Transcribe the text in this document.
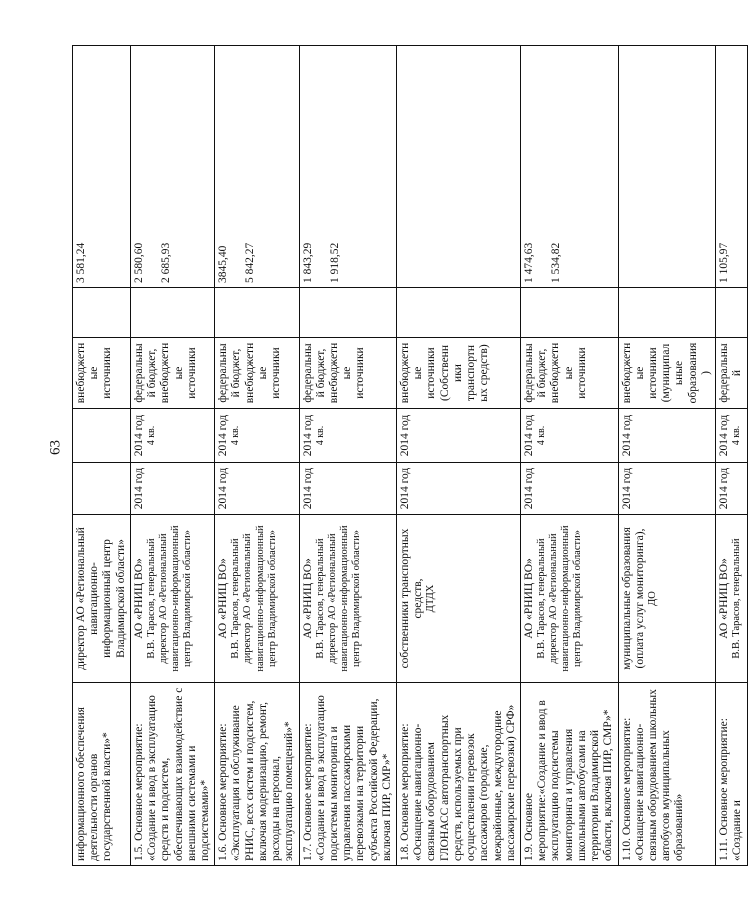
63
информационного обеспечения деятельности органов государственной власти»*	директор АО «Региональный навигационно-информационный центр Владимирской области»			внебюджетные источники		3 581,24

1.5. Основное мероприятие: «Создание и ввод в эксплуатацию средств и подсистем, обеспечивающих взаимодействие с внешними системами и подсистемами»*	АО «РНИЦ ВО» В.В. Тарасов, генеральный директор АО «Региональный навигационно-информационный центр Владимирской области»	2014 год	2014 год 4 кв.	федеральный бюджет, внебюджетные источники		2 580,60 2 685,93

1.6. Основное мероприятие: «Эксплуатация и обслуживание РНИС, всех систем и подсистем, включая модернизацию, ремонт, расходы на персонал, эксплуатацию помещений»*	АО «РНИЦ ВО» В.В. Тарасов, генеральный директор АО «Региональный навигационно-информационный центр Владимирской области»	2014 год	2014 год 4 кв.	федеральный бюджет, внебюджетные источники		3845,40 5 842,27

1.7. Основное мероприятие: «Создание и ввод в эксплуатацию подсистемы мониторинга и управления пассажирскими перевозками на территории субъекта Российской Федерации, включая ПИР, СМР»*	АО «РНИЦ ВО» В.В. Тарасов, генеральный директор АО «Региональный навигационно-информационный центр Владимирской области»	2014 год	2014 год 4 кв.	федеральный бюджет, внебюджетные источники		1 843,29 1 918,52

1.8. Основное мероприятие: «Оснащение навигационно-связным оборудованием ГЛОНАСС автотранспортных средств, используемых при осуществлении перевозок пассажиров (городские, межрайонные, междугородние пассажирские перевозки) СРФ»	собственники транспортных средств, ДТДХ	2014 год	2014 год	внебюджетные источники (Собственники транспортных средств)		

1.9. Основное мероприятие:«Создание и ввод в эксплуатацию подсистемы мониторинга и управления школьными автобусами на территории Владимирской области, включая ПИР, СМР»*	АО «РНИЦ ВО» В.В. Тарасов, генеральный директор АО «Региональный навигационно-информационный центр Владимирской области»	2014 год	2014 год 4 кв.	федеральный бюджет, внебюджетные источники		1 474,63 1 534,82

1.10. Основное мероприятие: «Оснащение навигационно-связным оборудованием школьных автобусов муниципальных образований»	муниципальные образования (оплата услуг мониторинга), ДО	2014 год	2014 год	внебюджетные источники (муниципальные образования)		

1.11. Основное мероприятие: «Создание и	АО «РНИЦ ВО» В.В. Тарасов, генеральный	2014 год	2014 год 4 кв.	федеральный		1 105,97
